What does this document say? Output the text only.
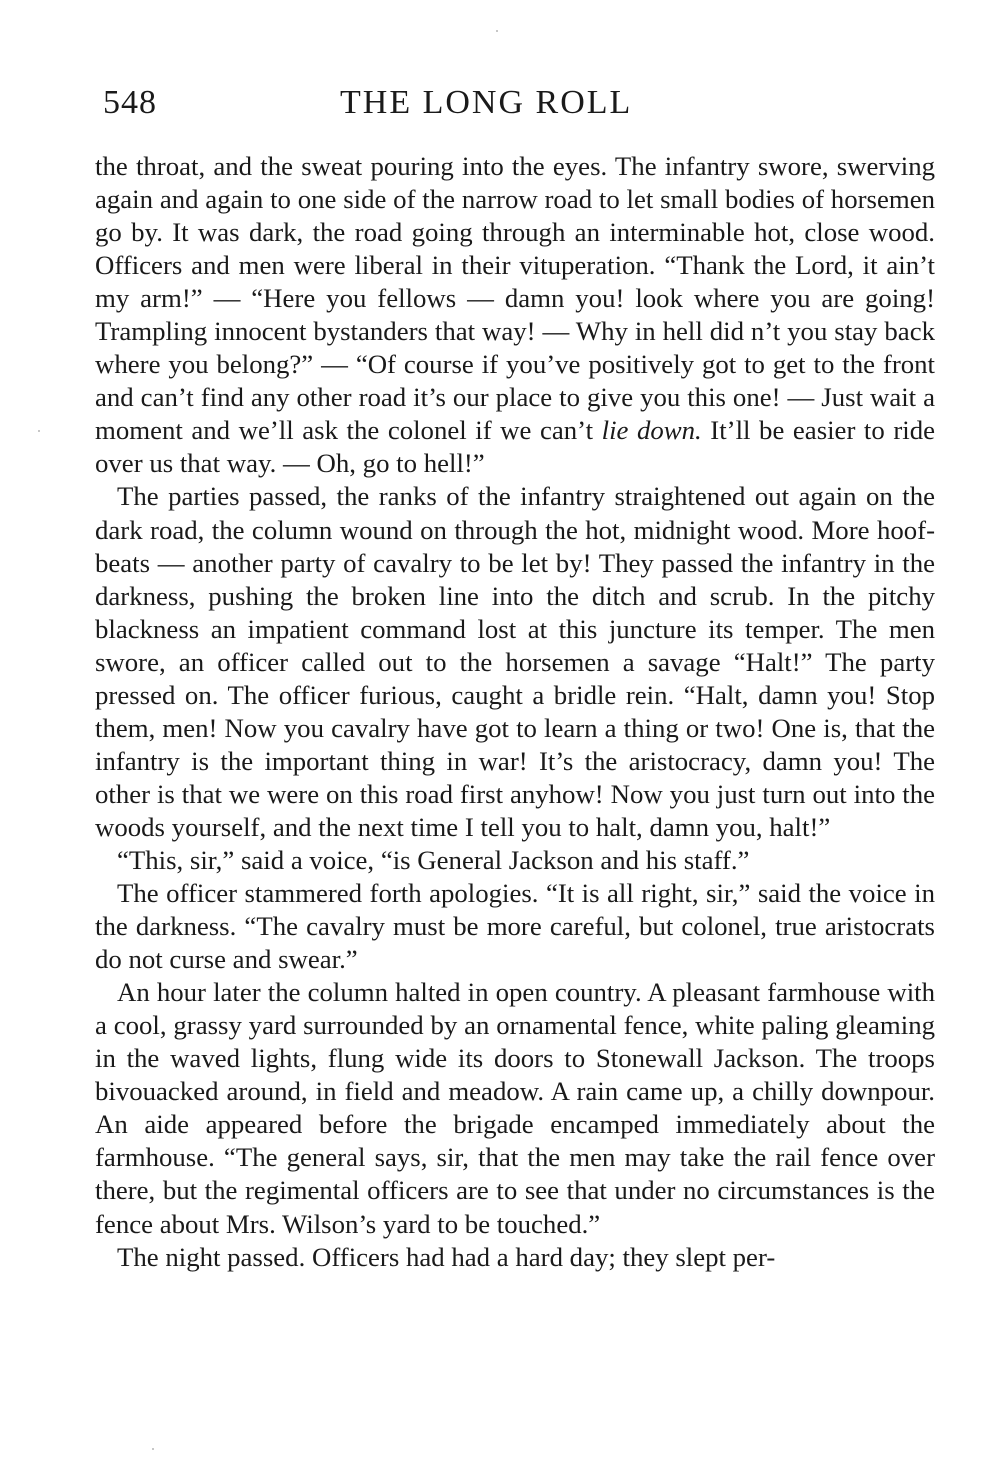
548	THE LONG ROLL

the throat, and the sweat pouring into the eyes. The infantry swore, swerving again and again to one side of the narrow road to let small bodies of horsemen go by. It was dark, the road going through an interminable hot, close wood. Officers and men were liberal in their vituperation. “Thank the Lord, it ain’t my arm!” — “Here you fellows — damn you! look where you are going! Trampling innocent bystanders that way! — Why in hell did n’t you stay back where you belong?” — “Of course if you’ve positively got to get to the front and can’t find any other road it’s our place to give you this one! — Just wait a moment and we’ll ask the colonel if we can’t lie down. It’ll be easier to ride over us that way. — Oh, go to hell!”

The parties passed, the ranks of the infantry straightened out again on the dark road, the column wound on through the hot, midnight wood. More hoof-beats — another party of cavalry to be let by! They passed the infantry in the darkness, pushing the broken line into the ditch and scrub. In the pitchy blackness an impatient command lost at this juncture its temper. The men swore, an officer called out to the horsemen a savage “Halt!” The party pressed on. The officer furious, caught a bridle rein. “Halt, damn you! Stop them, men! Now you cavalry have got to learn a thing or two! One is, that the infantry is the important thing in war! It’s the aristocracy, damn you! The other is that we were on this road first anyhow! Now you just turn out into the woods yourself, and the next time I tell you to halt, damn you, halt!”

“This, sir,” said a voice, “is General Jackson and his staff.”

The officer stammered forth apologies. “It is all right, sir,” said the voice in the darkness. “The cavalry must be more careful, but colonel, true aristocrats do not curse and swear.”

An hour later the column halted in open country. A pleasant farmhouse with a cool, grassy yard surrounded by an ornamental fence, white paling gleaming in the waved lights, flung wide its doors to Stonewall Jackson. The troops bivouacked around, in field and meadow. A rain came up, a chilly downpour. An aide appeared before the brigade encamped immediately about the farmhouse. “The general says, sir, that the men may take the rail fence over there, but the regimental officers are to see that under no circumstances is the fence about Mrs. Wilson’s yard to be touched.”

The night passed. Officers had had a hard day; they slept per-
